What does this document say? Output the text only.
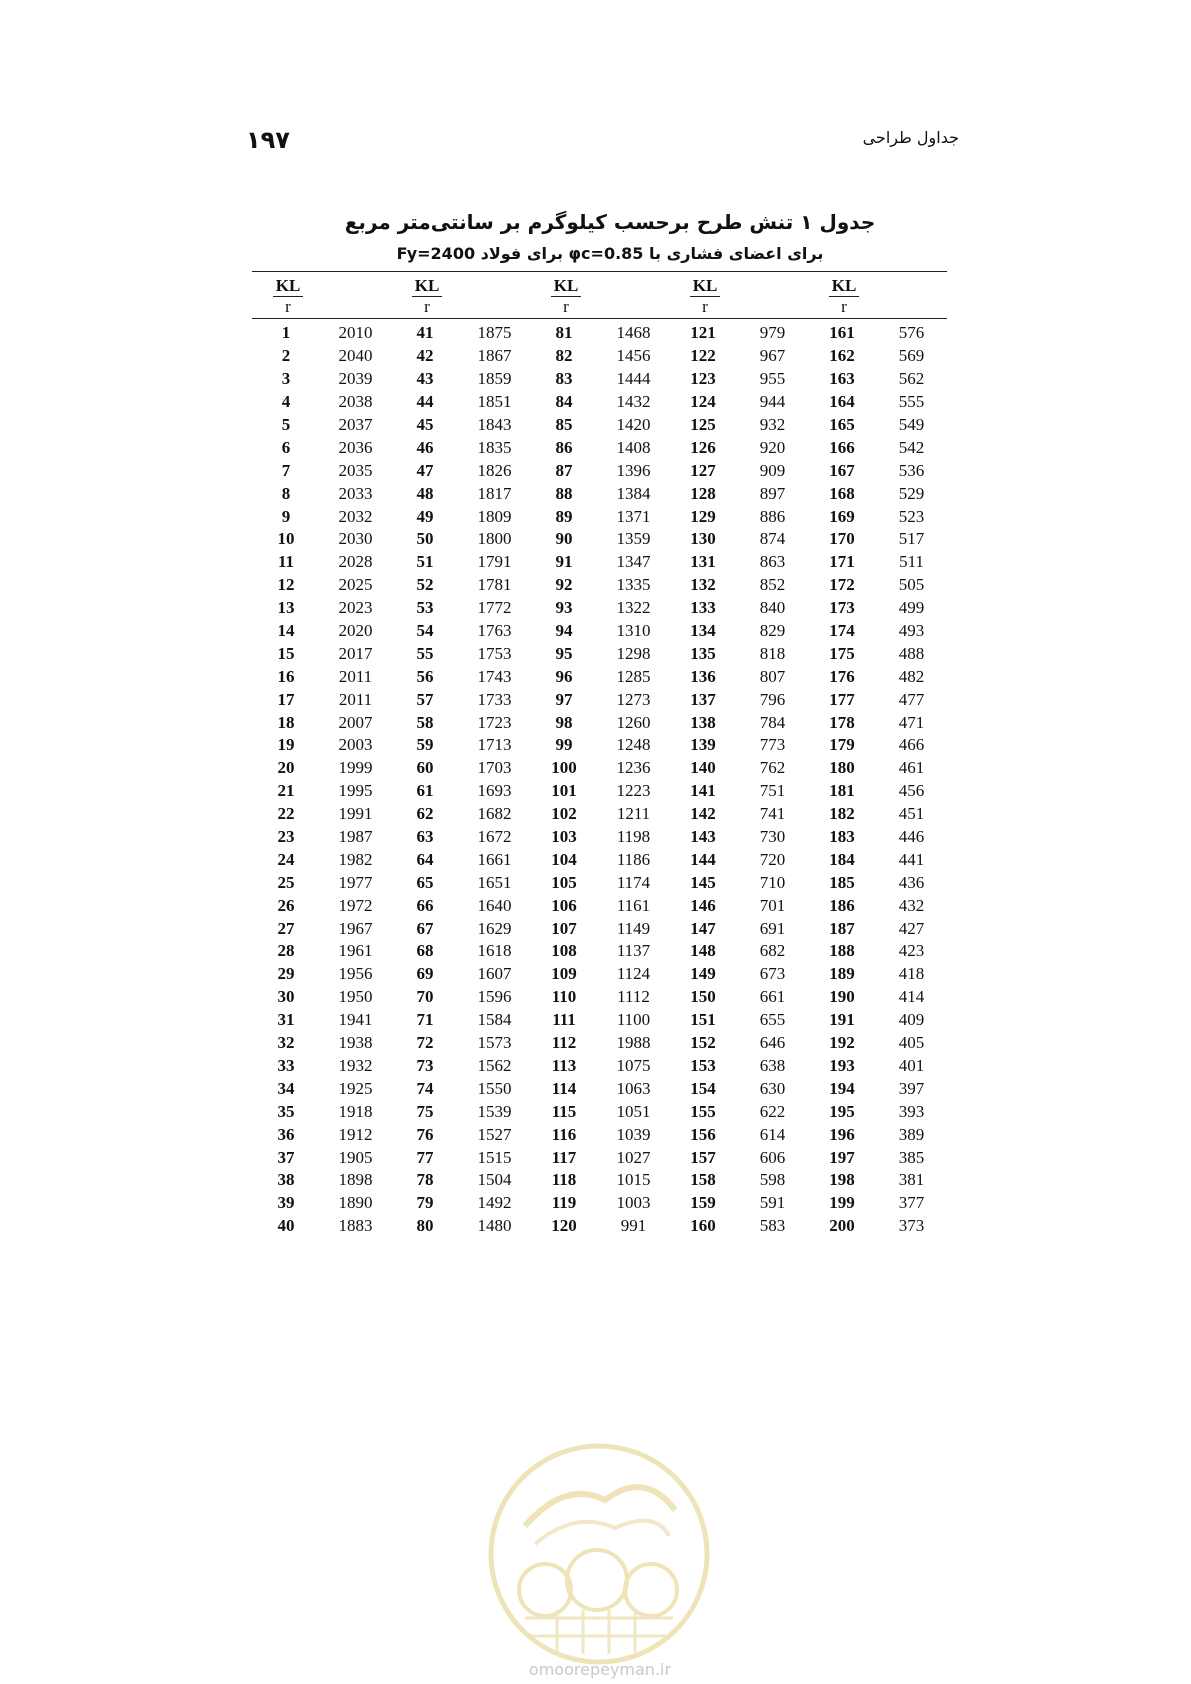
۱۹۷	جداول طراحی
جدول ۱ تنش طرح برحسب کیلوگرم بر سانتی‌متر مربع
برای اعضای فشاری با φc=0.85 برای فولاد Fy=2400
$\frac{KL}{r}$	$\frac{KL}{r}$	$\frac{KL}{r}$	$\frac{KL}{r}$	$\frac{KL}{r}$
1	2010	41	1875	81	1468	121	979	161	576
2	2040	42	1867	82	1456	122	967	162	569
3	2039	43	1859	83	1444	123	955	163	562
4	2038	44	1851	84	1432	124	944	164	555
5	2037	45	1843	85	1420	125	932	165	549
6	2036	46	1835	86	1408	126	920	166	542
7	2035	47	1826	87	1396	127	909	167	536
8	2033	48	1817	88	1384	128	897	168	529
9	2032	49	1809	89	1371	129	886	169	523
10	2030	50	1800	90	1359	130	874	170	517
11	2028	51	1791	91	1347	131	863	171	511
12	2025	52	1781	92	1335	132	852	172	505
13	2023	53	1772	93	1322	133	840	173	499
14	2020	54	1763	94	1310	134	829	174	493
15	2017	55	1753	95	1298	135	818	175	488
16	2011	56	1743	96	1285	136	807	176	482
17	2011	57	1733	97	1273	137	796	177	477
18	2007	58	1723	98	1260	138	784	178	471
19	2003	59	1713	99	1248	139	773	179	466
20	1999	60	1703	100	1236	140	762	180	461
21	1995	61	1693	101	1223	141	751	181	456
22	1991	62	1682	102	1211	142	741	182	451
23	1987	63	1672	103	1198	143	730	183	446
24	1982	64	1661	104	1186	144	720	184	441
25	1977	65	1651	105	1174	145	710	185	436
26	1972	66	1640	106	1161	146	701	186	432
27	1967	67	1629	107	1149	147	691	187	427
28	1961	68	1618	108	1137	148	682	188	423
29	1956	69	1607	109	1124	149	673	189	418
30	1950	70	1596	110	1112	150	661	190	414
31	1941	71	1584	111	1100	151	655	191	409
32	1938	72	1573	112	1988	152	646	192	405
33	1932	73	1562	113	1075	153	638	193	401
34	1925	74	1550	114	1063	154	630	194	397
35	1918	75	1539	115	1051	155	622	195	393
36	1912	76	1527	116	1039	156	614	196	389
37	1905	77	1515	117	1027	157	606	197	385
38	1898	78	1504	118	1015	158	598	198	381
39	1890	79	1492	119	1003	159	591	199	377
40	1883	80	1480	120	991	160	583	200	373
omoorepeyman.ir
